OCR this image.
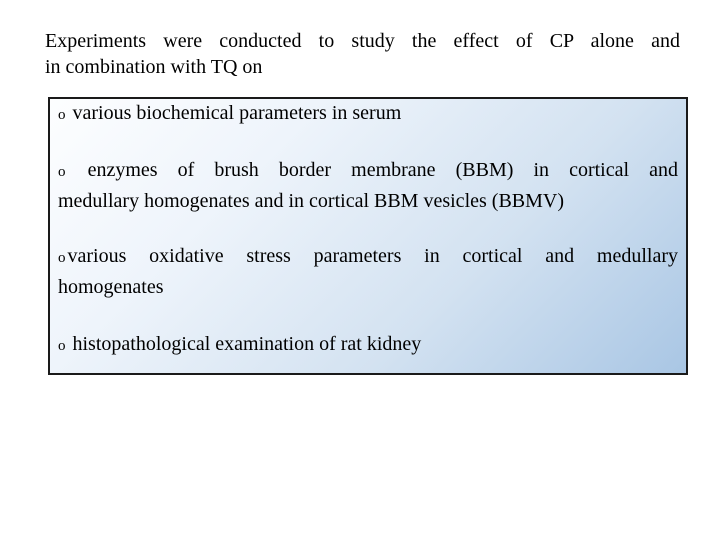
Experiments were conducted to study the effect of CP alone and
in combination with TQ on
o various biochemical parameters in serum
o enzymes of brush border membrane (BBM) in cortical and
medullary homogenates and in cortical BBM vesicles (BBMV)
o various oxidative stress parameters in cortical and medullary
homogenates
o histopathological examination of rat kidney
